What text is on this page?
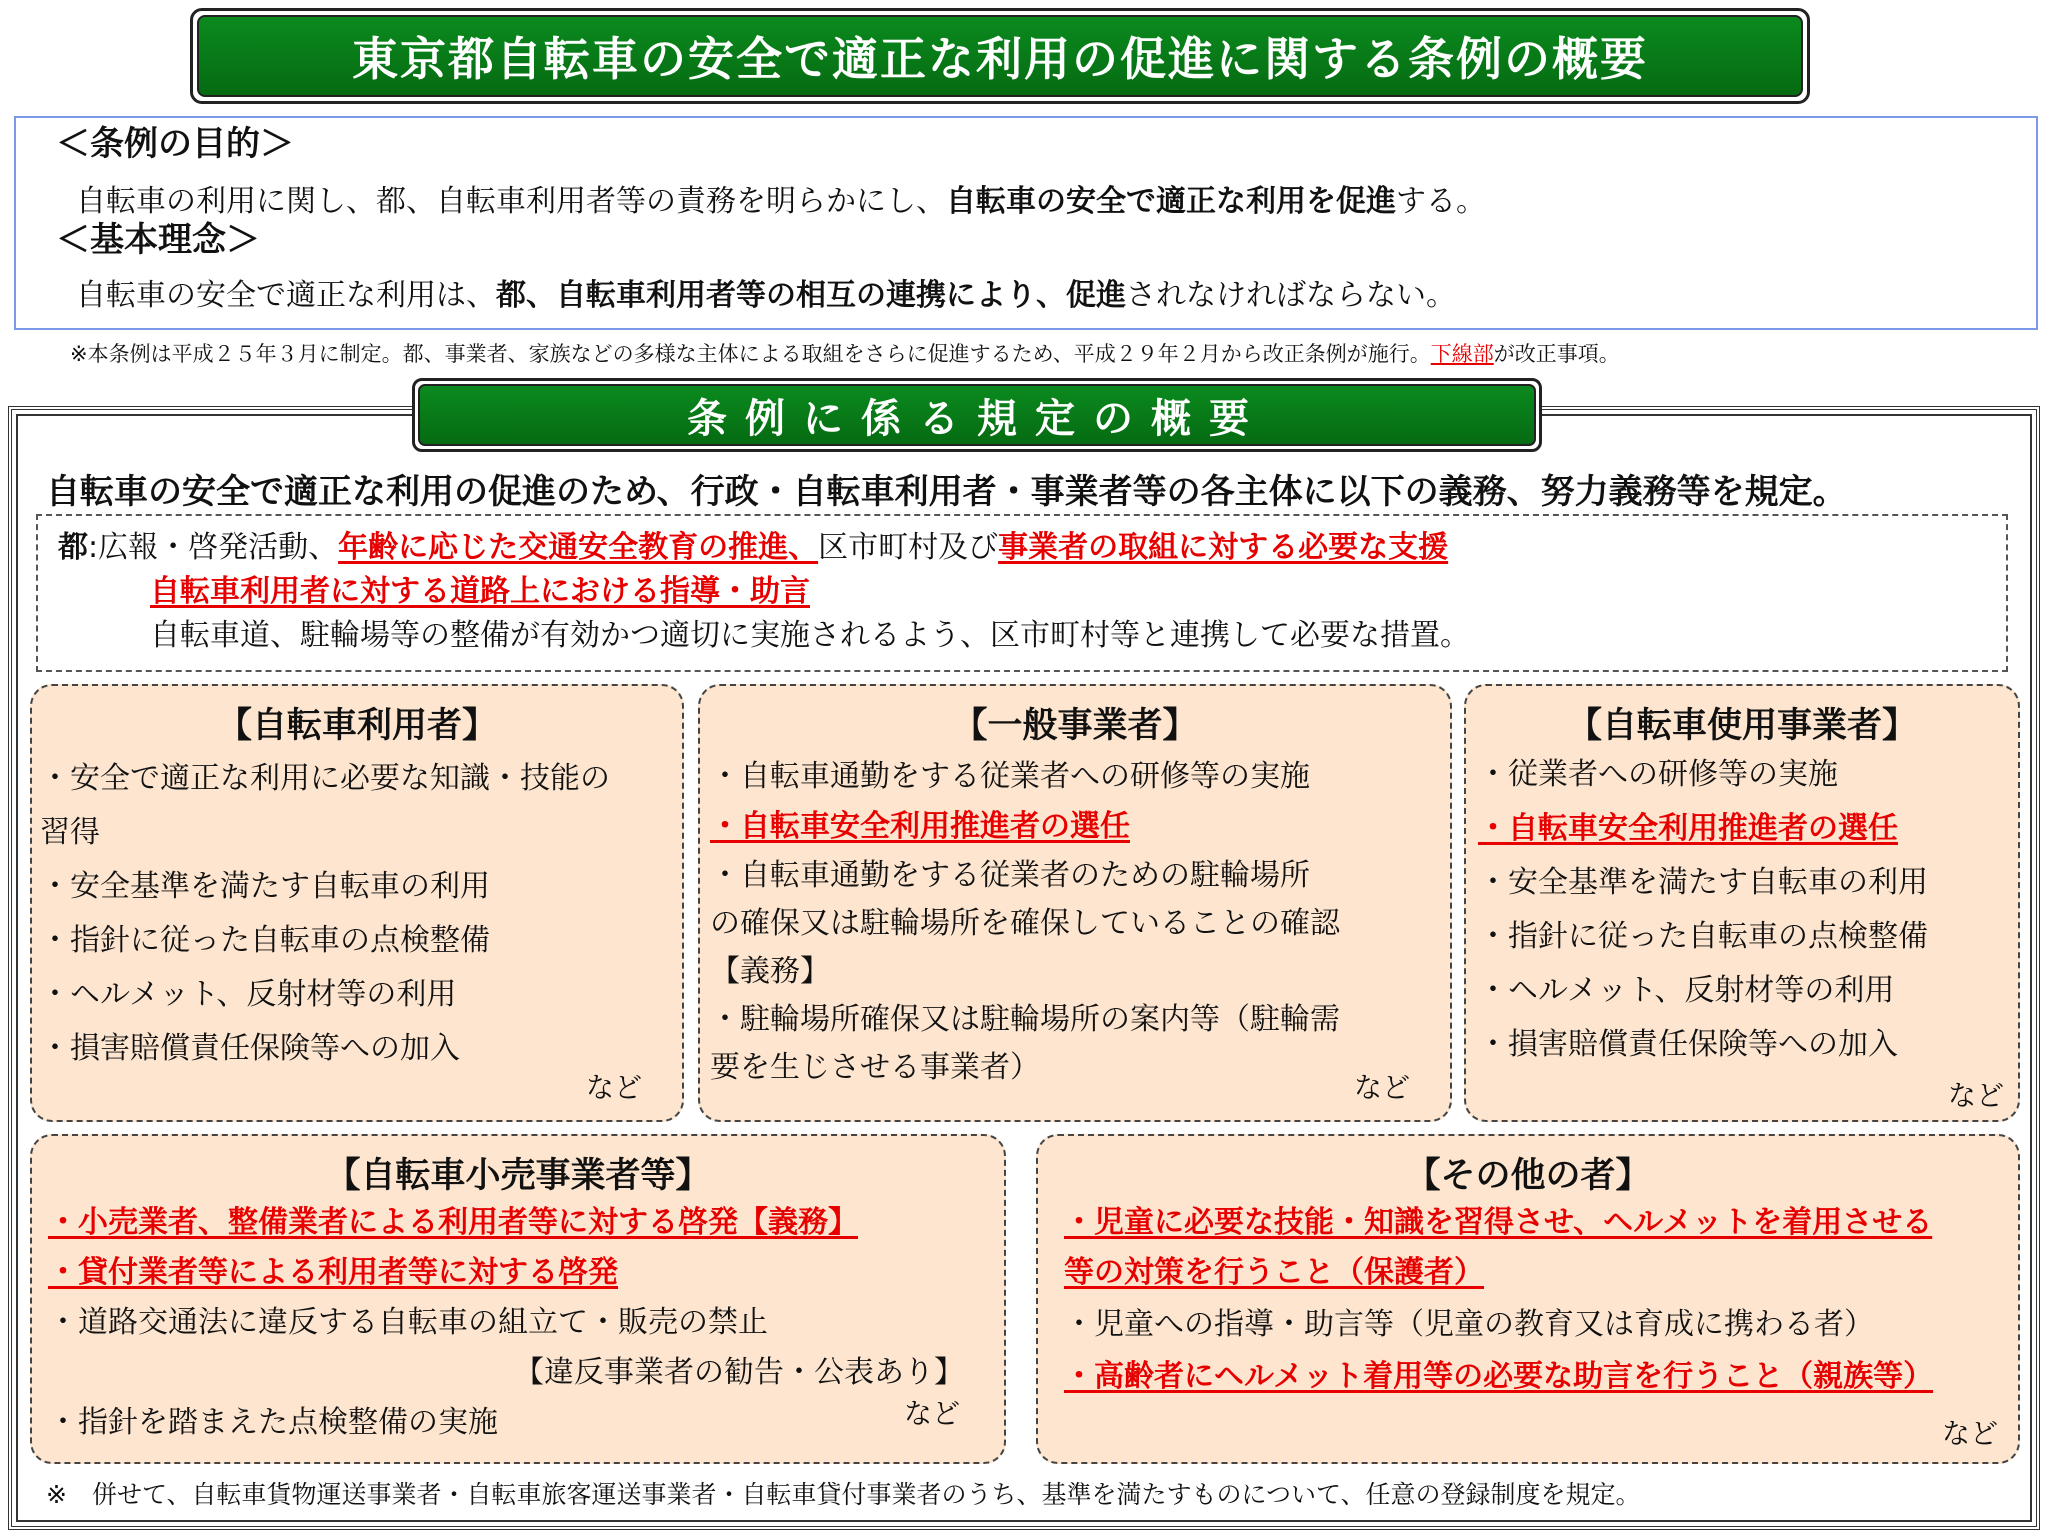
東京都自転車の安全で適正な利用の促進に関する条例の概要
＜条例の目的＞
自転車の利用に関し、都、自転車利用者等の責務を明らかにし、自転車の安全で適正な利用を促進する。
＜基本理念＞
自転車の安全で適正な利用は、都、自転車利用者等の相互の連携により、促進されなければならない。
※本条例は平成２５年３月に制定。都、事業者、家族などの多様な主体による取組をさらに促進するため、平成２９年２月から改正条例が施行。下線部が改正事項。
条例に係る規定の概要
自転車の安全で適正な利用の促進のため、行政・自転車利用者・事業者等の各主体に以下の義務、努力義務等を規定。
都:広報・啓発活動、年齢に応じた交通安全教育の推進、区市町村及び事業者の取組に対する必要な支援
自転車利用者に対する道路上における指導・助言
自転車道、駐輪場等の整備が有効かつ適切に実施されるよう、区市町村等と連携して必要な措置。
【自転車利用者】
・安全で適正な利用に必要な知識・技能の
習得
・安全基準を満たす自転車の利用
・指針に従った自転車の点検整備
・ヘルメット、反射材等の利用
・損害賠償責任保険等への加入
など
【一般事業者】
・自転車通勤をする従業者への研修等の実施
・自転車安全利用推進者の選任
・自転車通勤をする従業者のための駐輪場所
の確保又は駐輪場所を確保していることの確認
【義務】
・駐輪場所確保又は駐輪場所の案内等（駐輪需
要を生じさせる事業者）
など
【自転車使用事業者】
・従業者への研修等の実施
・自転車安全利用推進者の選任
・安全基準を満たす自転車の利用
・指針に従った自転車の点検整備
・ヘルメット、反射材等の利用
・損害賠償責任保険等への加入
など
【自転車小売事業者等】
・小売業者、整備業者による利用者等に対する啓発【義務】
・貸付業者等による利用者等に対する啓発
・道路交通法に違反する自転車の組立て・販売の禁止
【違反事業者の勧告・公表あり】
・指針を踏まえた点検整備の実施	など
【その他の者】
・児童に必要な技能・知識を習得させ、ヘルメットを着用させる
等の対策を行うこと（保護者）
・児童への指導・助言等（児童の教育又は育成に携わる者）
・高齢者にヘルメット着用等の必要な助言を行うこと（親族等）
など
※　併せて、自転車貨物運送事業者・自転車旅客運送事業者・自転車貸付事業者のうち、基準を満たすものについて、任意の登録制度を規定。
